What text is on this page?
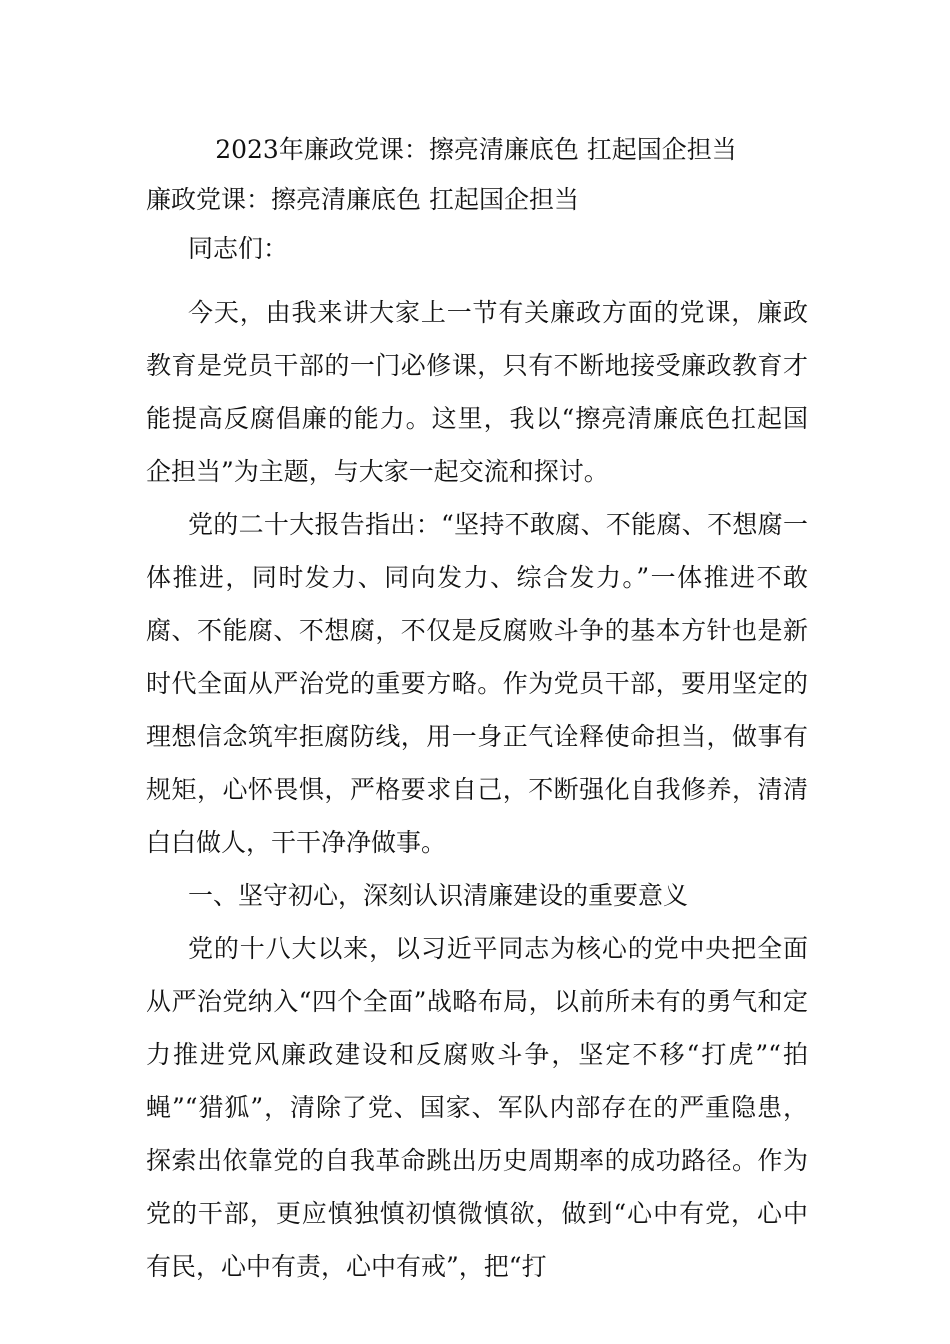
2023年廉政党课：擦亮清廉底色 扛起国企担当

廉政党课：擦亮清廉底色 扛起国企担当

同志们：

今天，由我来讲大家上一节有关廉政方面的党课，廉政教育是党员干部的一门必修课，只有不断地接受廉政教育才能提高反腐倡廉的能力。这里，我以“擦亮清廉底色扛起国企担当”为主题，与大家一起交流和探讨。

党的二十大报告指出：“坚持不敢腐、不能腐、不想腐一体推进，同时发力、同向发力、综合发力。”一体推进不敢腐、不能腐、不想腐，不仅是反腐败斗争的基本方针也是新时代全面从严治党的重要方略。作为党员干部，要用坚定的理想信念筑牢拒腐防线，用一身正气诠释使命担当，做事有规矩，心怀畏惧，严格要求自己，不断强化自我修养，清清白白做人，干干净净做事。

一、坚守初心，深刻认识清廉建设的重要意义

党的十八大以来，以习近平同志为核心的党中央把全面从严治党纳入“四个全面”战略布局，以前所未有的勇气和定力推进党风廉政建设和反腐败斗争，坚定不移“打虎”“拍蝇”“猎狐”，清除了党、国家、军队内部存在的严重隐患，探索出依靠党的自我革命跳出历史周期率的成功路径。作为党的干部，更应慎独慎初慎微慎欲，做到“心中有党，心中有民，心中有责，心中有戒”，把“打
